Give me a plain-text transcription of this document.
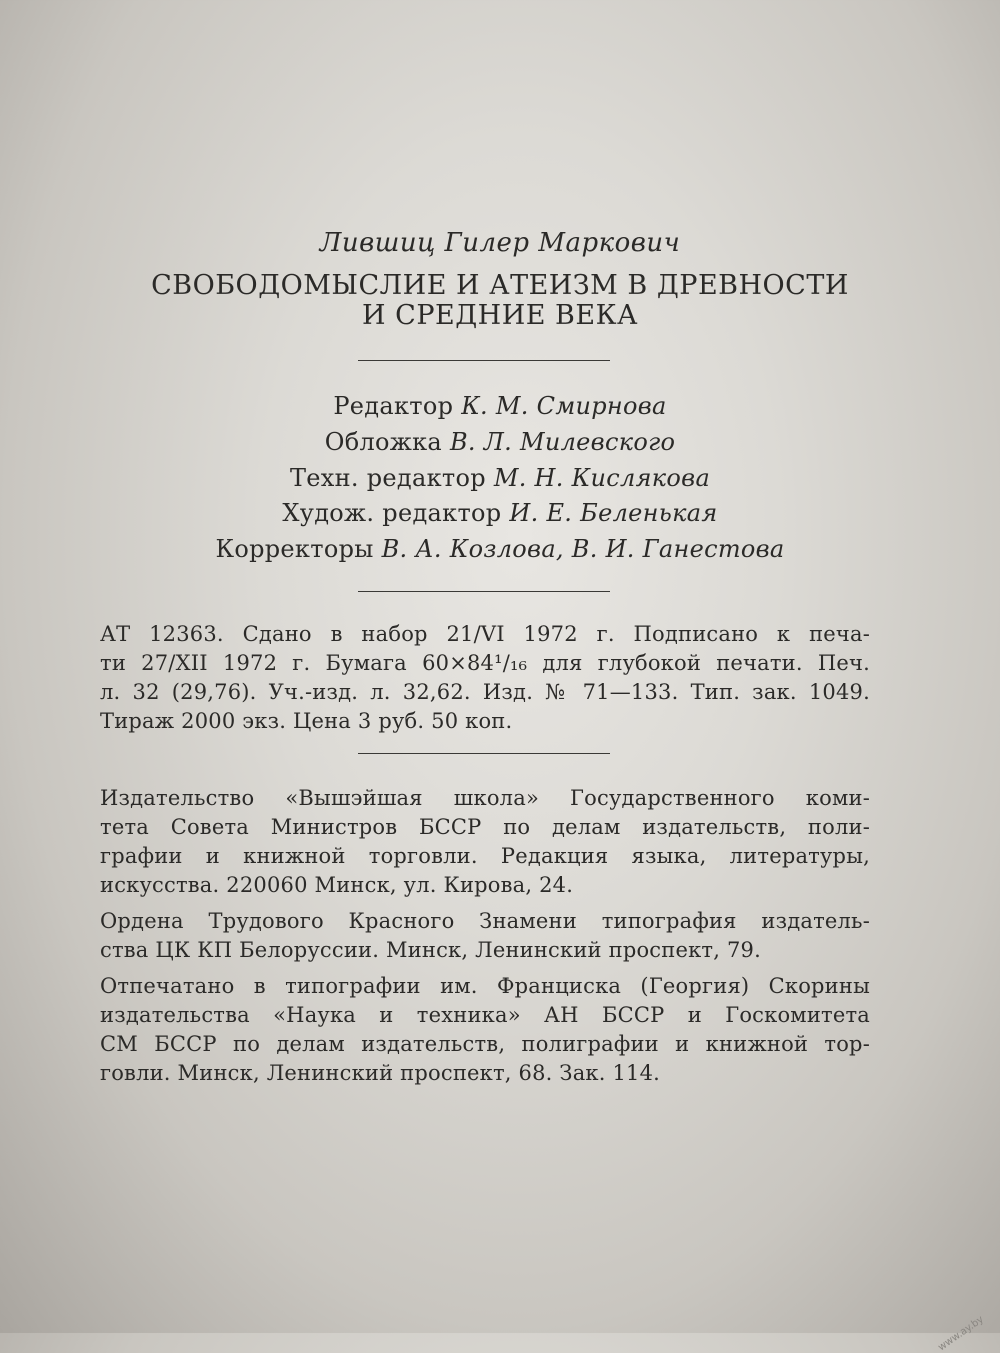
Лившиц Гилер Маркович
СВОБОДОМЫСЛИЕ И АТЕИЗМ В ДРЕВНОСТИ
И СРЕДНИЕ ВЕКА
Редактор К. М. Смирнова
Обложка В. Л. Милевского
Техн. редактор М. Н. Кислякова
Худож. редактор И. Е. Беленькая
Корректоры В. А. Козлова, В. И. Ганестова
АТ 12363. Сдано в набор 21/VI 1972 г. Подписано к печа-
ти 27/XII 1972 г. Бумага 60×84¹/₁₆ для глубокой печати. Печ.
л. 32 (29,76). Уч.-изд. л. 32,62. Изд. № 71—133. Тип. зак. 1049.
Тираж 2000 экз. Цена 3 руб. 50 коп.
Издательство «Вышэйшая школа» Государственного коми-
тета Совета Министров БССР по делам издательств, поли-
графии и книжной торговли. Редакция языка, литературы,
искусства. 220060 Минск, ул. Кирова, 24.
Ордена Трудового Красного Знамени типография издатель-
ства ЦК КП Белоруссии. Минск, Ленинский проспект, 79.
Отпечатано в типографии им. Франциска (Георгия) Скорины
издательства «Наука и техника» АН БССР и Госкомитета
СМ БССР по делам издательств, полиграфии и книжной тор-
говли. Минск, Ленинский проспект, 68. Зак. 114.
www.ay.by
